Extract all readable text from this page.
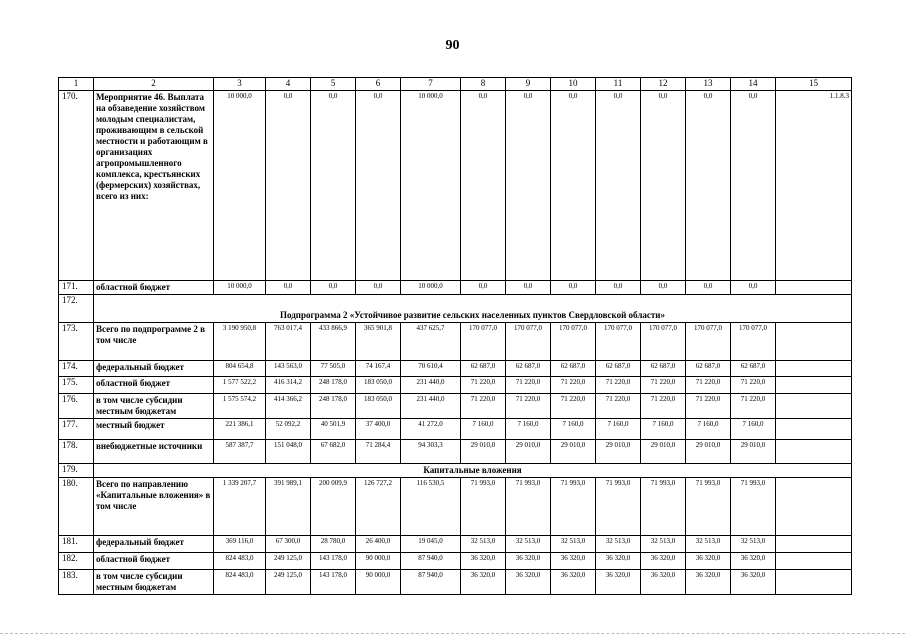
90
1	2	3	4	5	6	7	8	9	10	11	12	13	14	15
170.	Мероприятие 46. Выплата на обзаведение хозяйством молодым специалистам, проживающим в сельской местности и работающим в организациях агропромышленного комплекса, крестьянских (фермерских) хозяйствах, всего из них:	10 000,0	0,0	0,0	0,0	10 000,0	0,0	0,0	0,0	0,0	0,0	0,0	0,0	1.1.8.3
171.	областной бюджет	10 000,0	0,0	0,0	0,0	10 000,0	0,0	0,0	0,0	0,0	0,0	0,0	0,0	
172.	Подпрограмма 2 «Устойчивое развитие сельских населенных пунктов Свердловской области»													
173.	Всего по подпрограмме 2 в том числе	3 190 950,8	763 017,4	433 866,9	365 901,8	437 625,7	170 077,0	170 077,0	170 077,0	170 077,0	170 077,0	170 077,0	170 077,0	
174.	федеральный бюджет	804 654,8	143 563,0	77 505,0	74 167,4	70 610,4	62 687,0	62 687,0	62 687,0	62 687,0	62 687,0	62 687,0	62 687,0	
175.	областной бюджет	1 577 522,2	416 314,2	248 178,0	183 050,0	231 440,0	71 220,0	71 220,0	71 220,0	71 220,0	71 220,0	71 220,0	71 220,0	
176.	в том числе субсидии местным бюджетам	1 575 574,2	414 366,2	248 178,0	183 050,0	231 440,0	71 220,0	71 220,0	71 220,0	71 220,0	71 220,0	71 220,0	71 220,0	
177.	местный бюджет	221 386,1	52 092,2	40 501,9	37 400,0	41 272,0	7 160,0	7 160,0	7 160,0	7 160,0	7 160,0	7 160,0	7 160,0	
178.	внебюджетные источники	587 387,7	151 048,0	67 682,0	71 284,4	94 303,3	29 010,0	29 010,0	29 010,0	29 010,0	29 010,0	29 010,0	29 010,0	
179.	Капитальные вложения													
180.	Всего по направлению «Капитальные вложения» в том числе	1 339 207,7	391 989,1	200 009,9	126 727,2	116 530,5	71 993,0	71 993,0	71 993,0	71 993,0	71 993,0	71 993,0	71 993,0	
181.	федеральный бюджет	369 116,0	67 300,0	28 780,0	26 400,0	19 045,0	32 513,0	32 513,0	32 513,0	32 513,0	32 513,0	32 513,0	32 513,0	
182.	областной бюджет	824 483,0	249 125,0	143 178,0	90 000,0	87 940,0	36 320,0	36 320,0	36 320,0	36 320,0	36 320,0	36 320,0	36 320,0	
183.	в том числе субсидии местным бюджетам	824 483,0	249 125,0	143 178,0	90 000,0	87 940,0	36 320,0	36 320,0	36 320,0	36 320,0	36 320,0	36 320,0	36 320,0	
